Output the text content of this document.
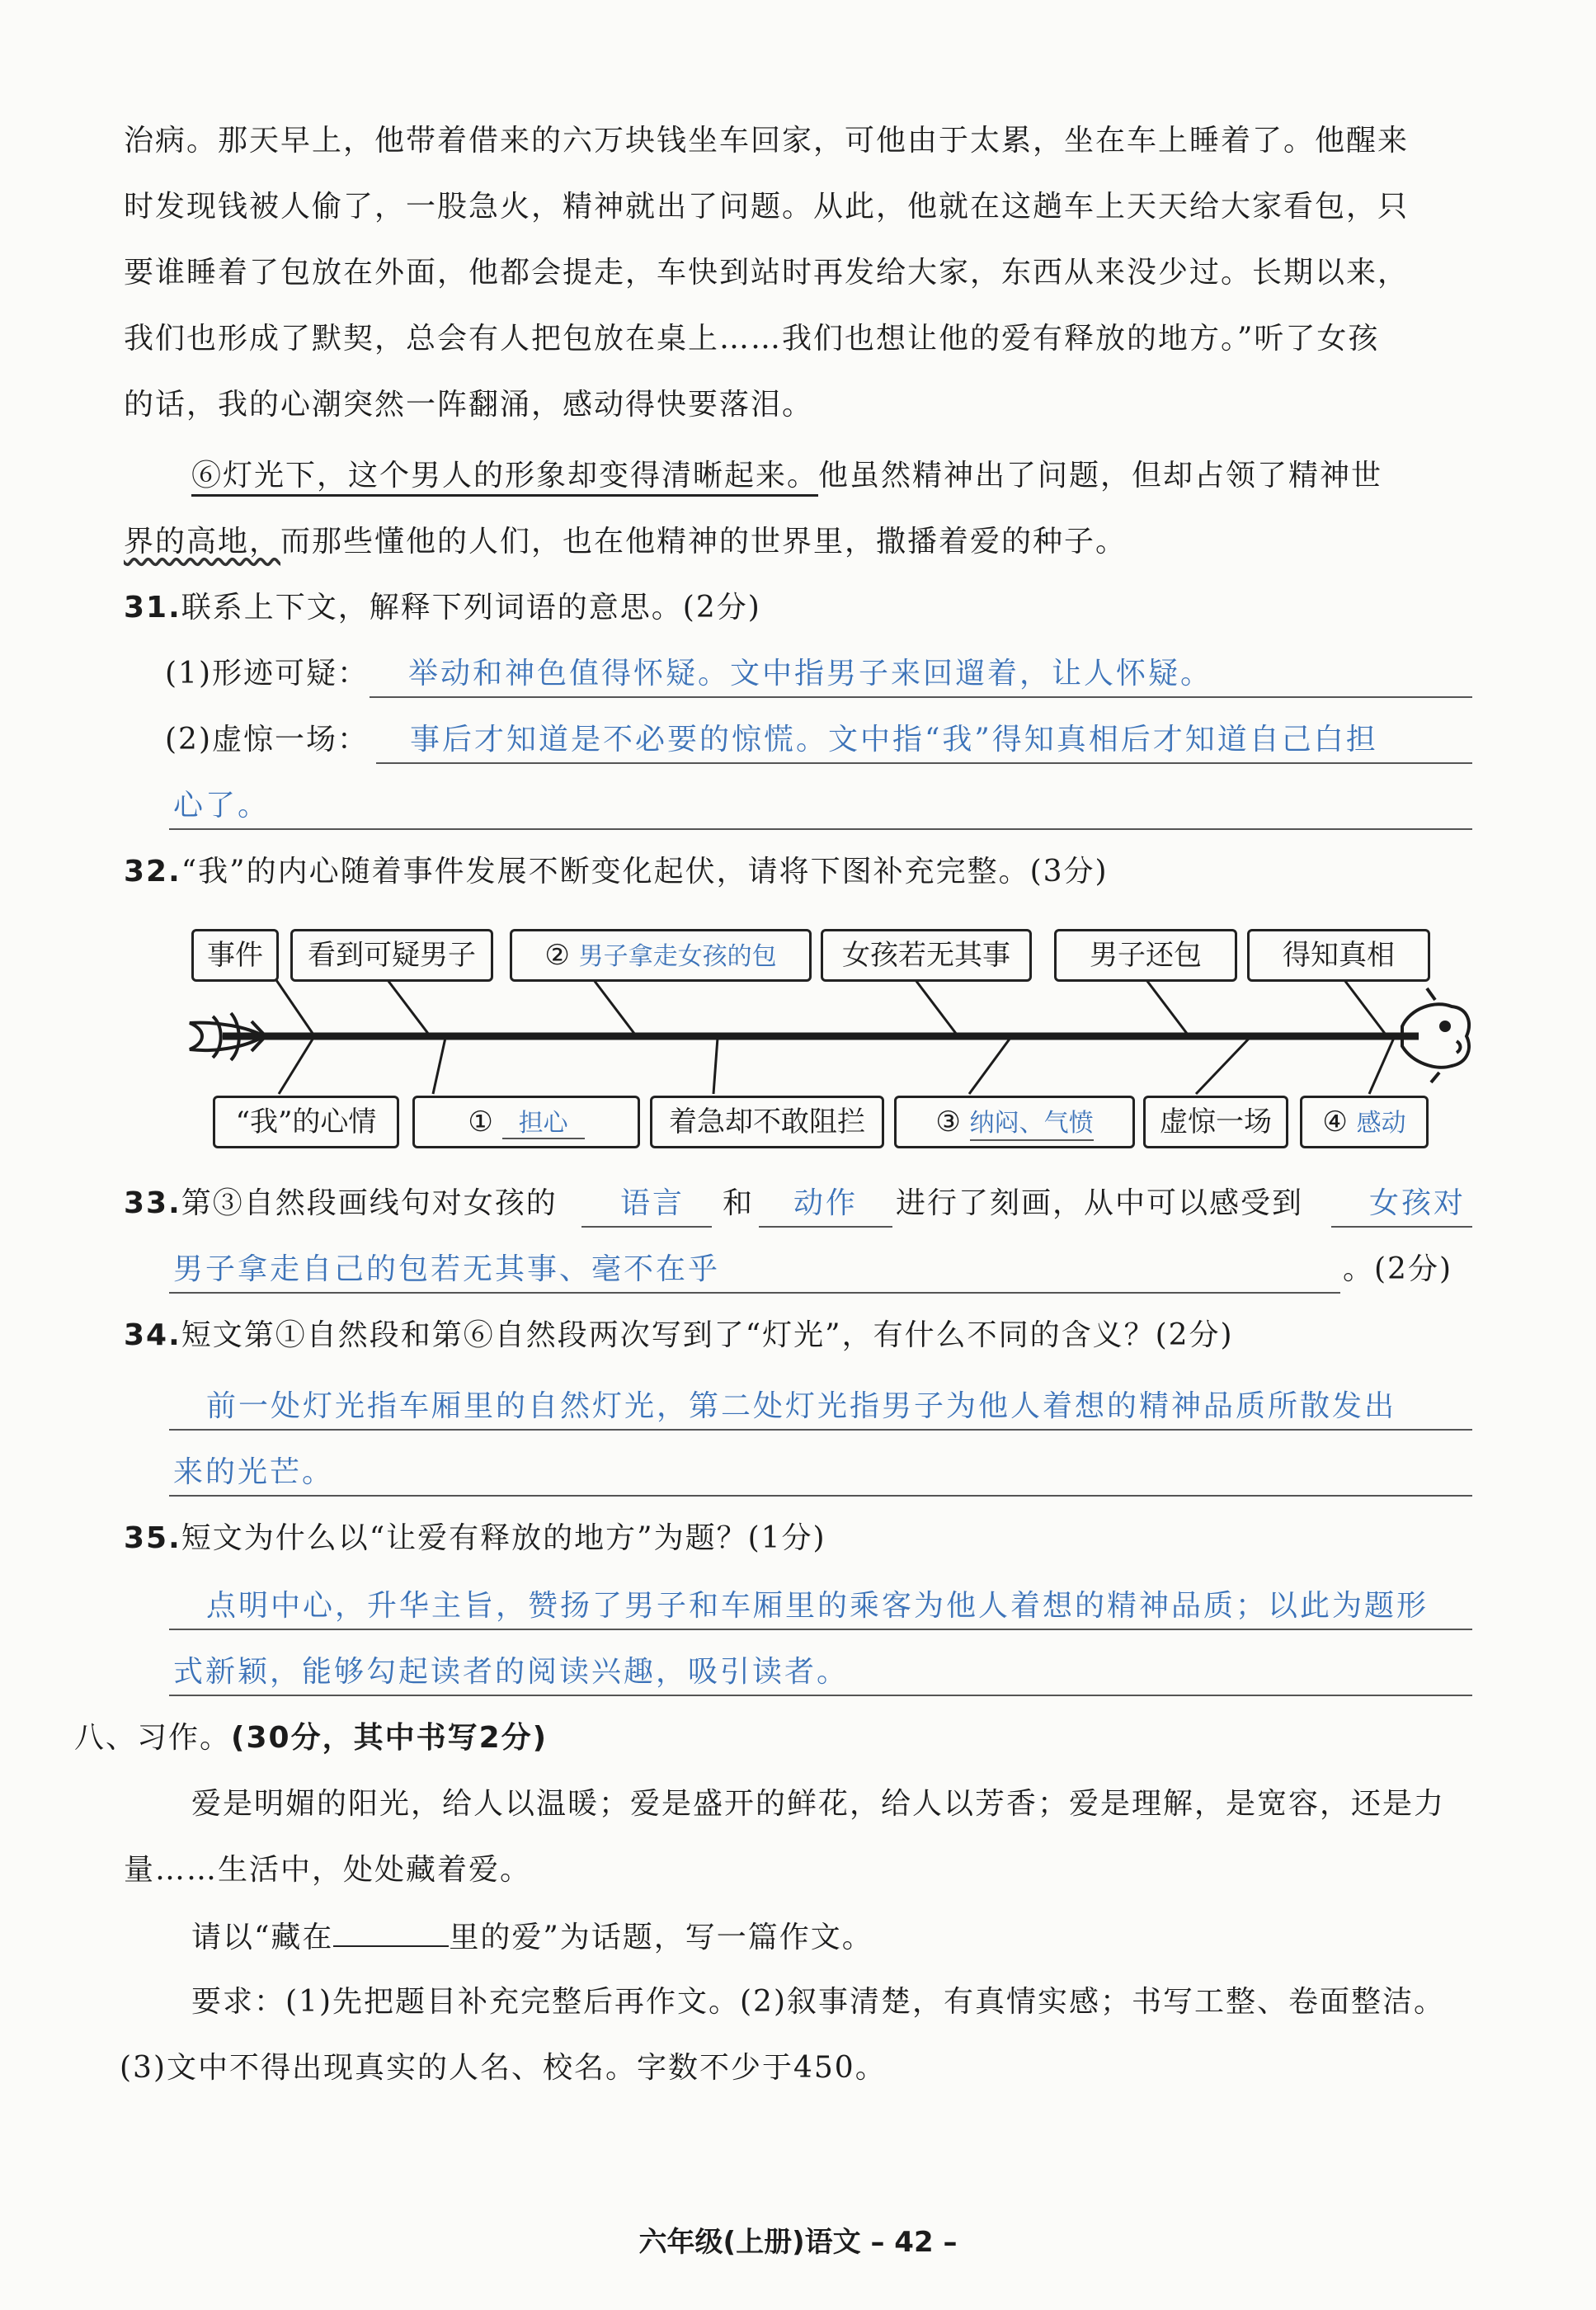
治病。那天早上，他带着借来的六万块钱坐车回家，可他由于太累，坐在车上睡着了。他醒来
时发现钱被人偷了，一股急火，精神就出了问题。从此，他就在这趟车上天天给大家看包，只
要谁睡着了包放在外面，他都会提走，车快到站时再发给大家，东西从来没少过。长期以来，
我们也形成了默契，总会有人把包放在桌上……我们也想让他的爱有释放的地方。”听了女孩
的话，我的心潮突然一阵翻涌，感动得快要落泪。
⑥灯光下，这个男人的形象却变得清晰起来。他虽然精神出了问题，但却占领了精神世
界的高地，而那些懂他的人们，也在他精神的世界里，撒播着爱的种子。
31.联系上下文，解释下列词语的意思。(2分)
(1)形迹可疑：	举动和神色值得怀疑。文中指男子来回遛着，让人怀疑。
(2)虚惊一场：	事后才知道是不必要的惊慌。文中指“我”得知真相后才知道自己白担
心了。
32.“我”的内心随着事件发展不断变化起伏，请将下图补充完整。(3分)
事件	看到可疑男子	② 男子拿走女孩的包	女孩若无其事	男子还包	得知真相
“我”的心情	① 担心	着急却不敢阻拦	③ 纳闷、气愤	虚惊一场	④ 感动
33.第③自然段画线句对女孩的	语言 和	动作 进行了刻画，从中可以感受到	女孩对
男子拿走自己的包若无其事、毫不在乎	。(2分)
34.短文第①自然段和第⑥自然段两次写到了“灯光”，有什么不同的含义？(2分)
前一处灯光指车厢里的自然灯光，第二处灯光指男子为他人着想的精神品质所散发出
来的光芒。
35.短文为什么以“让爱有释放的地方”为题？(1分)
点明中心，升华主旨，赞扬了男子和车厢里的乘客为他人着想的精神品质；以此为题形
式新颖，能够勾起读者的阅读兴趣，吸引读者。
八、习作。(30分，其中书写2分)
爱是明媚的阳光，给人以温暖；爱是盛开的鲜花，给人以芳香；爱是理解，是宽容，还是力
量……生活中，处处藏着爱。
请以“藏在	里的爱”为话题，写一篇作文。
要求：(1)先把题目补充完整后再作文。(2)叙事清楚，有真情实感；书写工整、卷面整洁。
(3)文中不得出现真实的人名、校名。字数不少于450。
六年级(上册)语文 – 42 –
